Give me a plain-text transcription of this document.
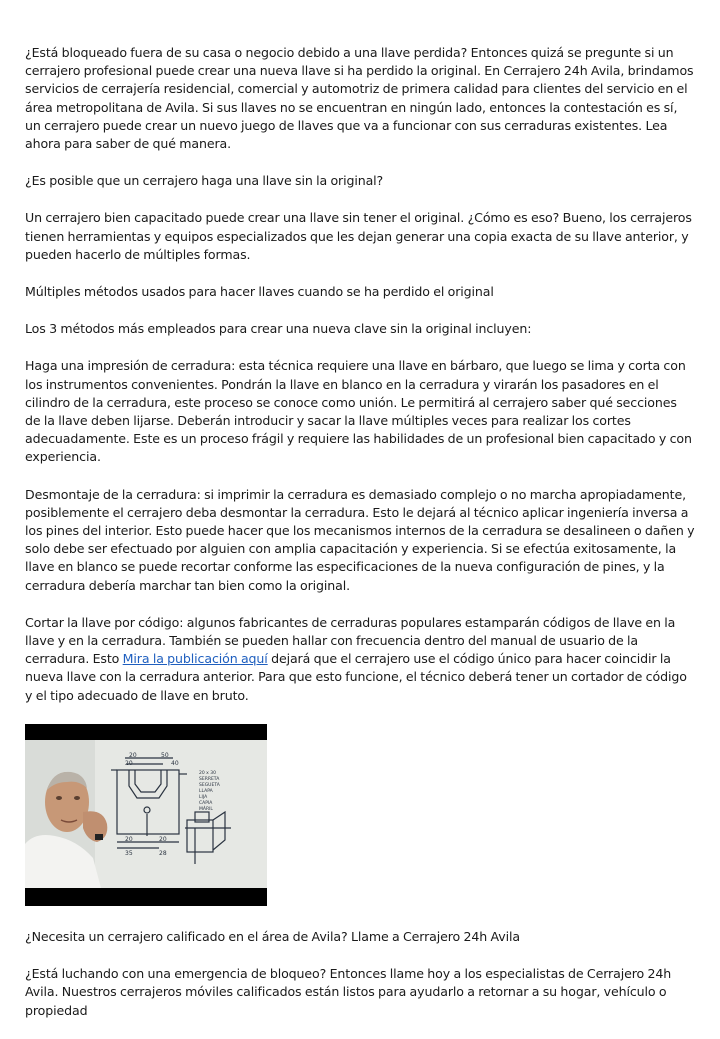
¿Está bloqueado fuera de su casa o negocio debido a una llave perdida? Entonces quizá se pregunte si un cerrajero profesional puede crear una nueva llave si ha perdido la original. En Cerrajero 24h Avila, brindamos servicios de cerrajería residencial, comercial y automotriz de primera calidad para clientes del servicio en el área metropolitana de Avila. Si sus llaves no se encuentran en ningún lado, entonces la contestación es sí, un cerrajero puede crear un nuevo juego de llaves que va a funcionar con sus cerraduras existentes. Lea ahora para saber de qué manera.

¿Es posible que un cerrajero haga una llave sin la original?

Un cerrajero bien capacitado puede crear una llave sin tener el original. ¿Cómo es eso? Bueno, los cerrajeros tienen herramientas y equipos especializados que les dejan generar una copia exacta de su llave anterior, y pueden hacerlo de múltiples formas.

Múltiples métodos usados para hacer llaves cuando se ha perdido el original

Los 3 métodos más empleados para crear una nueva clave sin la original incluyen:

Haga una impresión de cerradura: esta técnica requiere una llave en bárbaro, que luego se lima y corta con los instrumentos convenientes. Pondrán la llave en blanco en la cerradura y virarán los pasadores en el cilindro de la cerradura, este proceso se conoce como unión. Le permitirá al cerrajero saber qué secciones de la llave deben lijarse. Deberán introducir y sacar la llave múltiples veces para realizar los cortes adecuadamente. Este es un proceso frágil y requiere las habilidades de un profesional bien capacitado y con experiencia.

Desmontaje de la cerradura: si imprimir la cerradura es demasiado complejo o no marcha apropiadamente, posiblemente el cerrajero deba desmontar la cerradura. Esto le dejará al técnico aplicar ingeniería inversa a los pines del interior. Esto puede hacer que los mecanismos internos de la cerradura se desalineen o dañen y solo debe ser efectuado por alguien con amplia capacitación y experiencia. Si se efectúa exitosamente, la llave en blanco se puede recortar conforme las especificaciones de la nueva configuración de pines, y la cerradura debería marchar tan bien como la original.

Cortar la llave por código: algunos fabricantes de cerraduras populares estamparán códigos de llave en la llave y en la cerradura. También se pueden hallar con frecuencia dentro del manual de usuario de la cerradura. Esto Mira la publicación aquí dejará que el cerrajero use el código único para hacer coincidir la nueva llave con la cerradura anterior. Para que esto funcione, el técnico deberá tener un cortador de código y el tipo adecuado de llave en bruto.

20	50
20	40
20
35
20
28
20 x 30
SERRETA
SEGUETA
LLAPA
LIJA
CAPIA
MÁRIL

¿Necesita un cerrajero calificado en el área de Avila? Llame a Cerrajero 24h Avila

¿Está luchando con una emergencia de bloqueo? Entonces llame hoy a los especialistas de Cerrajero 24h Avila. Nuestros cerrajeros móviles calificados están listos para ayudarlo a retornar a su hogar, vehículo o propiedad
